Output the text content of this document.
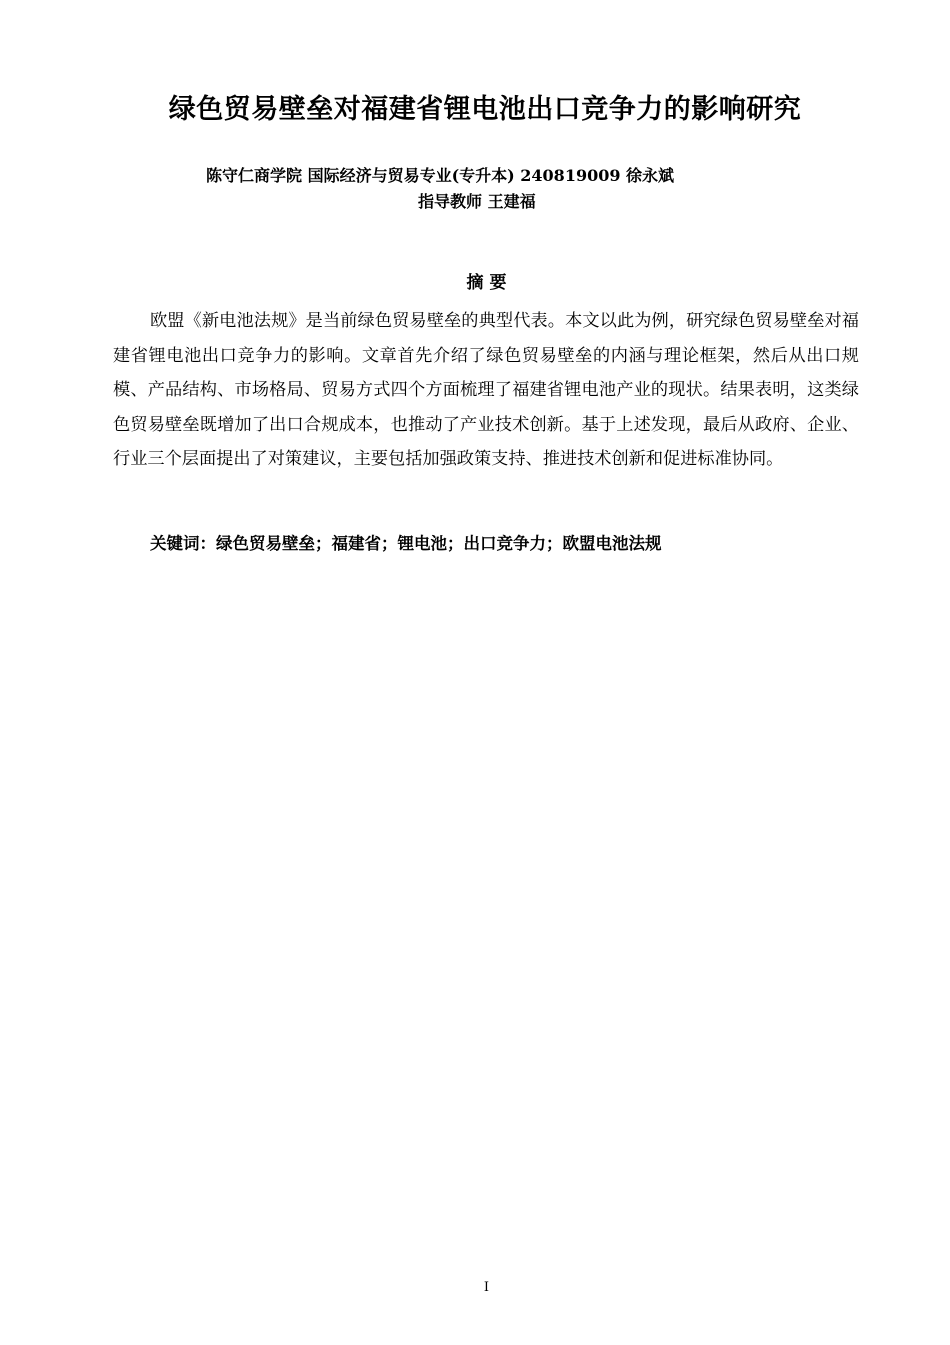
绿色贸易壁垒对福建省锂电池出口竞争力的影响研究
陈守仁商学院 国际经济与贸易专业(专升本) 240819009 徐永斌
指导教师 王建福
摘 要

欧盟《新电池法规》是当前绿色贸易壁垒的典型代表。本文以此为例，研究绿色贸易壁垒对福建省锂电池出口竞争力的影响。文章首先介绍了绿色贸易壁垒的内涵与理论框架，然后从出口规模、产品结构、市场格局、贸易方式四个方面梳理了福建省锂电池产业的现状。结果表明，这类绿色贸易壁垒既增加了出口合规成本，也推动了产业技术创新。基于上述发现，最后从政府、企业、行业三个层面提出了对策建议，主要包括加强政策支持、推进技术创新和促进标准协同。

关键词：绿色贸易壁垒；福建省；锂电池；出口竞争力；欧盟电池法规
I
